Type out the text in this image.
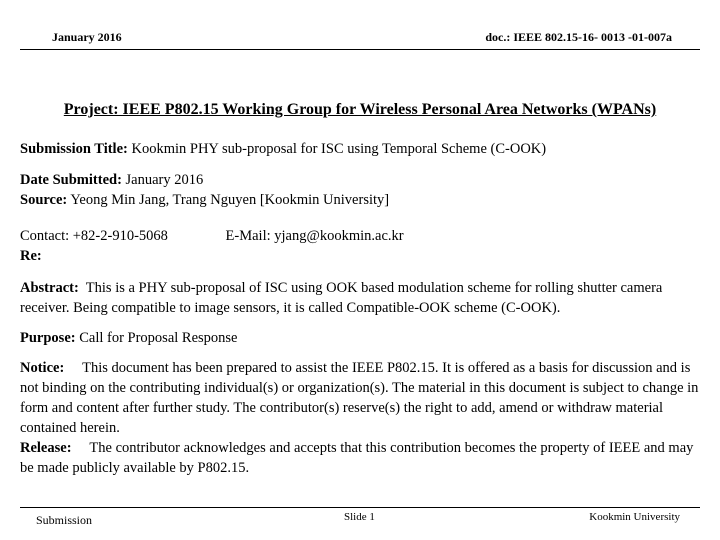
January 2016	doc.: IEEE 802.15-16- 0013 -01-007a
Project: IEEE P802.15 Working Group for Wireless Personal Area Networks (WPANs)

Submission Title: Kookmin PHY sub-proposal for ISC using Temporal Scheme (C-OOK)

Date Submitted: January 2016

Source: Yeong Min Jang, Trang Nguyen [Kookmin University]

Contact: +82-2-910-5068	E-Mail: yjang@kookmin.ac.kr

Re:

Abstract: This is a PHY sub-proposal of ISC using OOK based modulation scheme for rolling shutter camera receiver. Being compatible to image sensors, it is called Compatible-OOK scheme (C-OOK).

Purpose: Call for Proposal Response

Notice: This document has been prepared to assist the IEEE P802.15. It is offered as a basis for discussion and is not binding on the contributing individual(s) or organization(s). The material in this document is subject to change in form and content after further study. The contributor(s) reserve(s) the right to add, amend or withdraw material contained herein.

Release: The contributor acknowledges and accepts that this contribution becomes the property of IEEE and may be made publicly available by P802.15.

Submission	Slide 1	Kookmin University
